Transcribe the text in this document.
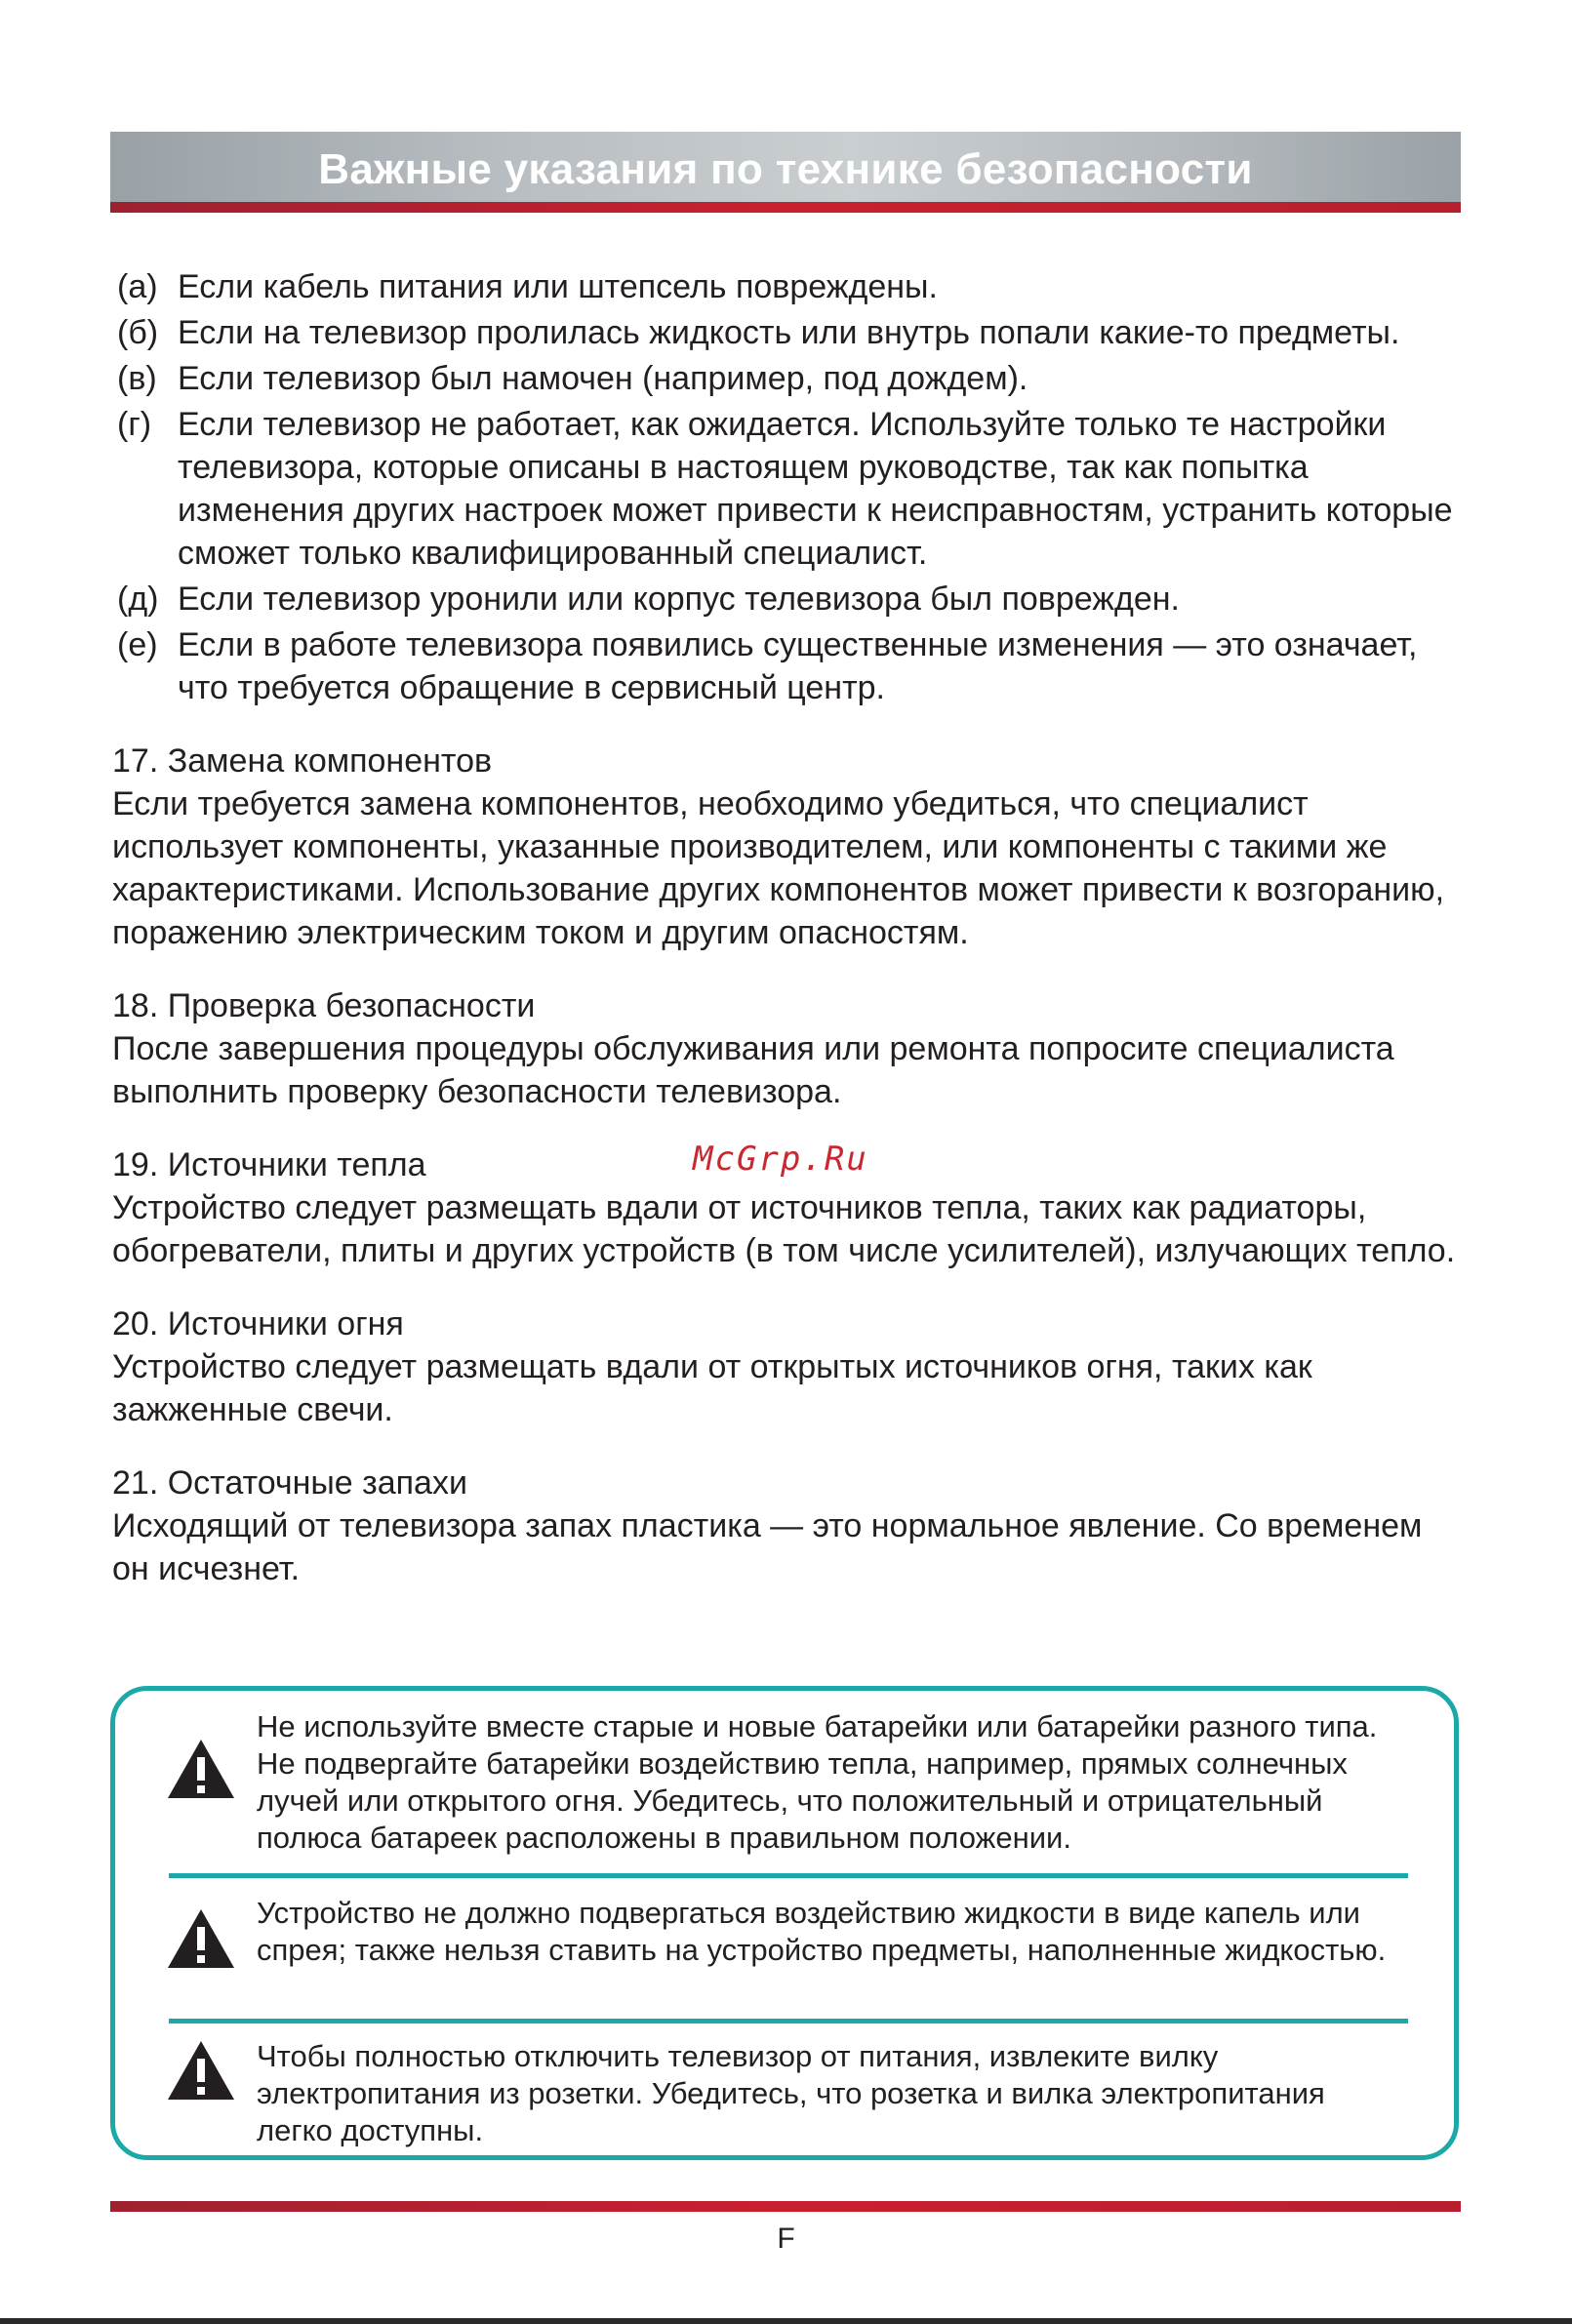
Важные указания по технике безопасности
(а) Если кабель питания или штепсель повреждены.
(б) Если на телевизор пролилась жидкость или внутрь попали какие-то предметы.
(в) Если телевизор был намочен (например, под дождем).
(г) Если телевизор не работает, как ожидается. Используйте только те настройки телевизора, которые описаны в настоящем руководстве, так как попытка изменения других настроек может привести к неисправностям, устранить которые сможет только квалифицированный специалист.
(д) Если телевизор уронили или корпус телевизора был поврежден.
(е) Если в работе телевизора появились существенные изменения — это означает, что требуется обращение в сервисный центр.
17. Замена компонентов
Если требуется замена компонентов, необходимо убедиться, что специалист использует компоненты, указанные производителем, или компоненты с такими же характеристиками. Использование других компонентов может привести к возгоранию, поражению электрическим током и другим опасностям.
18. Проверка безопасности
После завершения процедуры обслуживания или ремонта попросите специалиста выполнить проверку безопасности телевизора.
19. Источники тепла
Устройство следует размещать вдали от источников тепла, таких как радиаторы, обогреватели, плиты и других устройств (в том числе усилителей), излучающих тепло.
20. Источники огня
Устройство следует размещать вдали от открытых источников огня, таких как зажженные свечи.
21. Остаточные запахи
Исходящий от телевизора запах пластика — это нормальное явление. Со временем он исчезнет.
McGrp.Ru
Не используйте вместе старые и новые батарейки или батарейки разного типа. Не подвергайте батарейки воздействию тепла, например, прямых солнечных лучей или открытого огня. Убедитесь, что положительный и отрицательный полюса батареек расположены в правильном положении.
Устройство не должно подвергаться воздействию жидкости в виде капель или спрея; также нельзя ставить на устройство предметы, наполненные жидкостью.
Чтобы полностью отключить телевизор от питания, извлеките вилку электропитания из розетки. Убедитесь, что розетка и вилка электропитания легко доступны.
F
